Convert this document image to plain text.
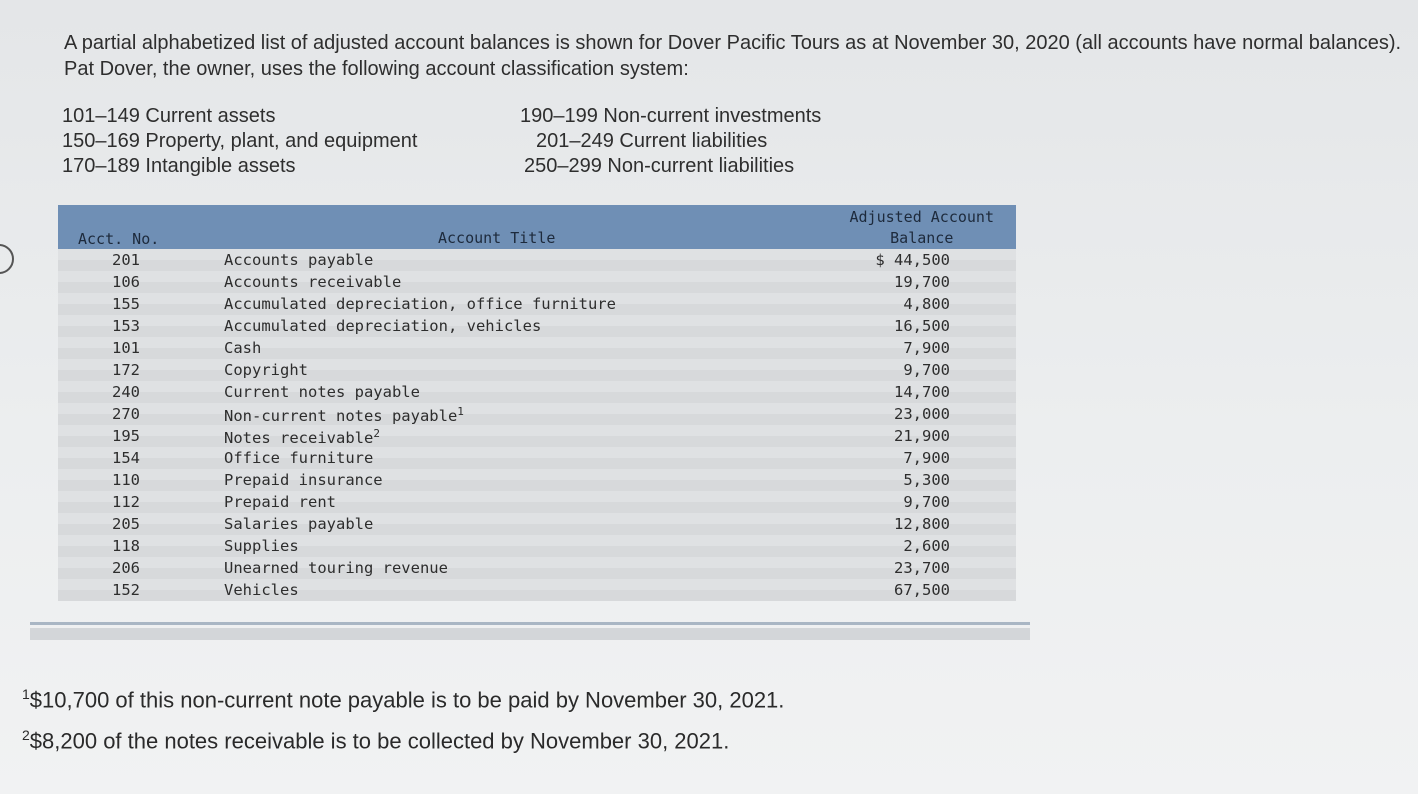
A partial alphabetized list of adjusted account balances is shown for Dover Pacific Tours as at November 30, 2020 (all accounts have normal balances). Pat Dover, the owner, uses the following account classification system:
101–149 Current assets
150–169 Property, plant, and equipment
170–189 Intangible assets
190–199 Non-current investments
201–249 Current liabilities
250–299 Non-current liabilities
Acct. No.	Account Title
Adjusted Account
Balance
201	Accounts payable	$ 44,500
106	Accounts receivable	19,700
155	Accumulated depreciation, office furniture	4,800
153	Accumulated depreciation, vehicles	16,500
101	Cash	7,900
172	Copyright	9,700
240	Current notes payable	14,700
270	Non-current notes payable$^1$	23,000
195	Notes receivable$^2$	21,900
154	Office furniture	7,900
110	Prepaid insurance	5,300
112	Prepaid rent	9,700
205	Salaries payable	12,800
118	Supplies	2,600
206	Unearned touring revenue	23,700
152	Vehicles	67,500
$^1$\$10,700 of this non-current note payable is to be paid by November 30, 2021.
$^2$\$8,200 of the notes receivable is to be collected by November 30, 2021.
